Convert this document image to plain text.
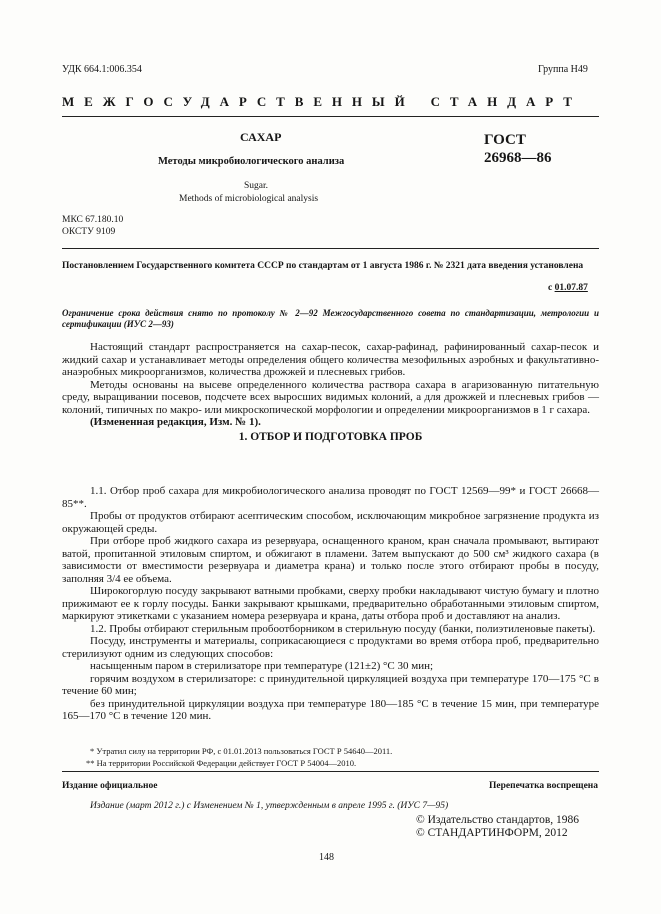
УДК 664.1:006.354	Группа Н49
МЕЖГОСУДАРСТВЕННЫЙ СТАНДАРТ
САХАР
Методы микробиологического анализа
ГОСТ
26968—86
Sugar.
Methods of microbiological analysis
МКС 67.180.10
ОКСТУ 9109
Постановлением Государственного комитета СССР по стандартам от 1 августа 1986 г. № 2321 дата введения установлена
с 01.07.87
Ограничение срока действия снято по протоколу № 2—92 Межгосударственного совета по стандартизации, метрологии и сертификации (ИУС 2—93)

Настоящий стандарт распространяется на сахар-песок, сахар-рафинад, рафинированный сахар-песок и жидкий сахар и устанавливает методы определения общего количества мезофильных аэробных и факультативно-анаэробных микроорганизмов, количества дрожжей и плесневых грибов.

Методы основаны на высеве определенного количества раствора сахара в агаризованную питательную среду, выращивании посевов, подсчете всех выросших видимых колоний, а для дрожжей и плесневых грибов — колоний, типичных по макро- или микроскопической морфологии и определении микроорганизмов в 1 г сахара.

(Измененная редакция, Изм. № 1).

1. ОТБОР И ПОДГОТОВКА ПРОБ

1.1. Отбор проб сахара для микробиологического анализа проводят по ГОСТ 12569—99* и ГОСТ 26668—85**.

Пробы от продуктов отбирают асептическим способом, исключающим микробное загрязнение продукта из окружающей среды.

При отборе проб жидкого сахара из резервуара, оснащенного краном, кран сначала промывают, вытирают ватой, пропитанной этиловым спиртом, и обжигают в пламени. Затем выпускают до 500 см³ жидкого сахара (в зависимости от вместимости резервуара и диаметра крана) и только после этого отбирают пробы в посуду, заполняя 3/4 ее объема.

Широкогорлую посуду закрывают ватными пробками, сверху пробки накладывают чистую бумагу и плотно прижимают ее к горлу посуды. Банки закрывают крышками, предварительно обработанными этиловым спиртом, маркируют этикетками с указанием номера резервуара и крана, даты отбора проб и доставляют на анализ.

1.2. Пробы отбирают стерильным пробоотборником в стерильную посуду (банки, полиэтиленовые пакеты).

Посуду, инструменты и материалы, соприкасающиеся с продуктами во время отбора проб, предварительно стерилизуют одним из следующих способов:

насыщенным паром в стерилизаторе при температуре (121±2) °С 30 мин;

горячим воздухом в стерилизаторе: с принудительной циркуляцией воздуха при температуре 170—175 °С в течение 60 мин;

без принудительной циркуляции воздуха при температуре 180—185 °С в течение 15 мин, при температуре 165—170 °С в течение 120 мин.

* Утратил силу на территории РФ, с 01.01.2013 пользоваться ГОСТ Р 54640—2011.
** На территории Российской Федерации действует ГОСТ Р 54004—2010.
Издание официальное	Перепечатка воспрещена
Издание (март 2012 г.) с Изменением № 1, утвержденным в апреле 1995 г. (ИУС 7—95)
© Издательство стандартов, 1986
© СТАНДАРТИНФОРМ, 2012
148
